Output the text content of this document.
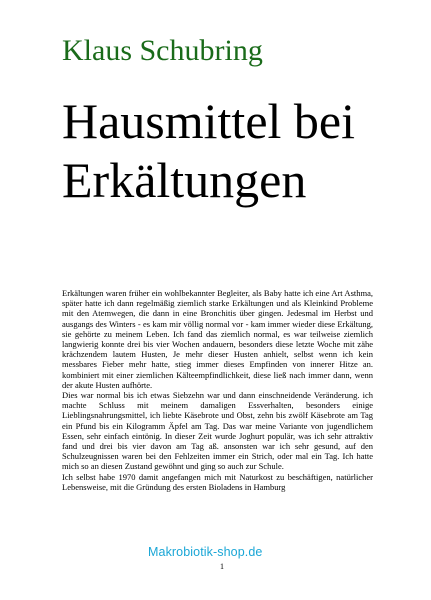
Klaus Schubring
Hausmittel bei Erkältungen

Erkältungen waren früher ein wohlbekannter Begleiter, als Baby hatte ich eine Art Asthma, später hatte ich dann regelmäßig ziemlich starke Erkältungen und als Kleinkind Probleme mit den Atemwegen, die dann in eine Bronchitis über gingen. Jedesmal im Herbst und ausgangs des Winters - es kam mir völlig normal vor - kam immer wieder diese Erkältung, sie gehörte zu meinem Leben. Ich fand das ziemlich normal, es war teilweise ziemlich langwierig konnte drei bis vier Wochen andauern, besonders diese letzte Woche mit zähe krächzendem lautem Husten, Je mehr dieser Husten anhielt, selbst wenn ich kein messbares Fieber mehr hatte, stieg immer dieses Empfinden von innerer Hitze an. kombiniert mit einer ziemlichen Kälteempfindlichkeit, diese ließ nach immer dann, wenn der akute Husten aufhörte.

Dies war normal bis ich etwas Siebzehn war und dann einschneidende Veränderung. ich machte Schluss mit meinem damaligen Essverhalten, besonders einige Lieblingsnahrungsmittel, ich liebte Käsebrote und Obst, zehn bis zwölf Käsebrote am Tag ein Pfund bis ein Kilogramm Äpfel am Tag. Das war meine Variante von jugendlichem Essen, sehr einfach eintönig. In dieser Zeit wurde Joghurt populär, was ich sehr attraktiv fand und drei bis vier davon am Tag aß. ansonsten war ich sehr gesund, auf den Schulzeugnissen waren bei den Fehlzeiten immer ein Strich, oder mal ein Tag. Ich hatte mich so an diesen Zustand gewöhnt und ging so auch zur Schule.

Ich selbst habe 1970 damit angefangen mich mit Naturkost zu beschäftigen, natürlicher Lebensweise, mit die Gründung des ersten Bioladens in Hamburg

Makrobiotik-shop.de
1
